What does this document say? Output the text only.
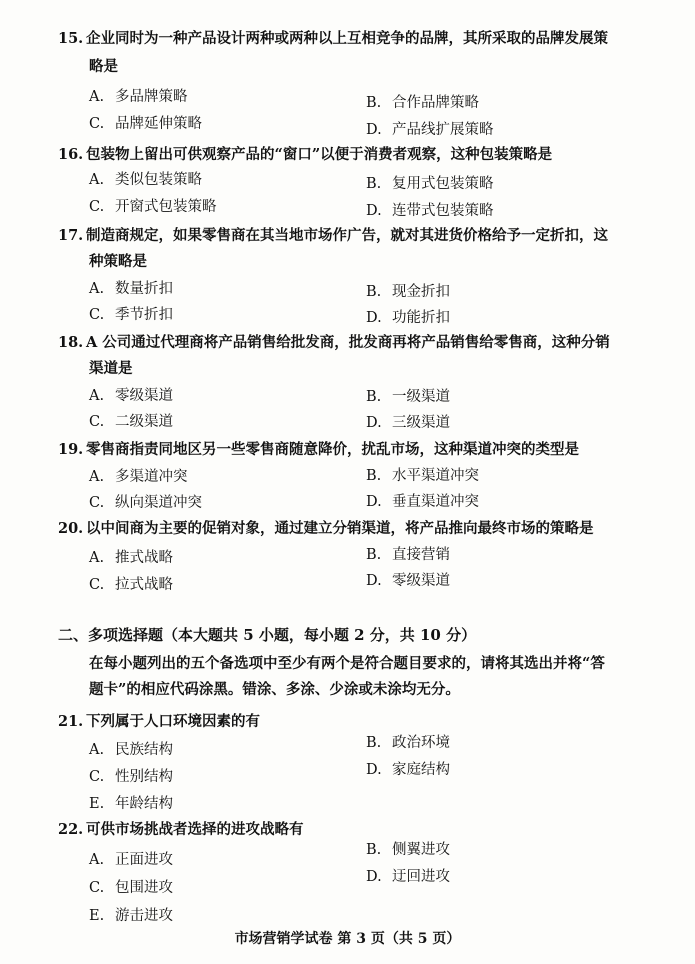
15. 企业同时为一种产品设计两种或两种以上互相竞争的品牌，其所采取的品牌发展策
略是
A. 多品牌策略	B. 合作品牌策略
C. 品牌延伸策略	D. 产品线扩展策略
16. 包装物上留出可供观察产品的“窗口”以便于消费者观察，这种包装策略是
A. 类似包装策略	B. 复用式包装策略
C. 开窗式包装策略	D. 连带式包装策略
17. 制造商规定，如果零售商在其当地市场作广告，就对其进货价格给予一定折扣，这
种策略是
A. 数量折扣	B. 现金折扣
C. 季节折扣	D. 功能折扣
18. A 公司通过代理商将产品销售给批发商，批发商再将产品销售给零售商，这种分销
渠道是
A. 零级渠道	B. 一级渠道
C. 二级渠道	D. 三级渠道
19. 零售商指责同地区另一些零售商随意降价，扰乱市场，这种渠道冲突的类型是
A. 多渠道冲突	B. 水平渠道冲突
C. 纵向渠道冲突	D. 垂直渠道冲突
20. 以中间商为主要的促销对象，通过建立分销渠道，将产品推向最终市场的策略是
A. 推式战略	B. 直接营销
C. 拉式战略	D. 零级渠道
二、多项选择题（本大题共 5 小题，每小题 2 分，共 10 分）
在每小题列出的五个备选项中至少有两个是符合题目要求的，请将其选出并将“答
题卡”的相应代码涂黑。错涂、多涂、少涂或未涂均无分。
21. 下列属于人口环境因素的有
A. 民族结构	B. 政治环境
C. 性别结构	D. 家庭结构
E. 年龄结构
22. 可供市场挑战者选择的进攻战略有
A. 正面进攻
B. 侧翼进攻
C. 包围进攻
D. 迂回进攻
E. 游击进攻
市场营销学试卷 第 3 页（共 5 页）
